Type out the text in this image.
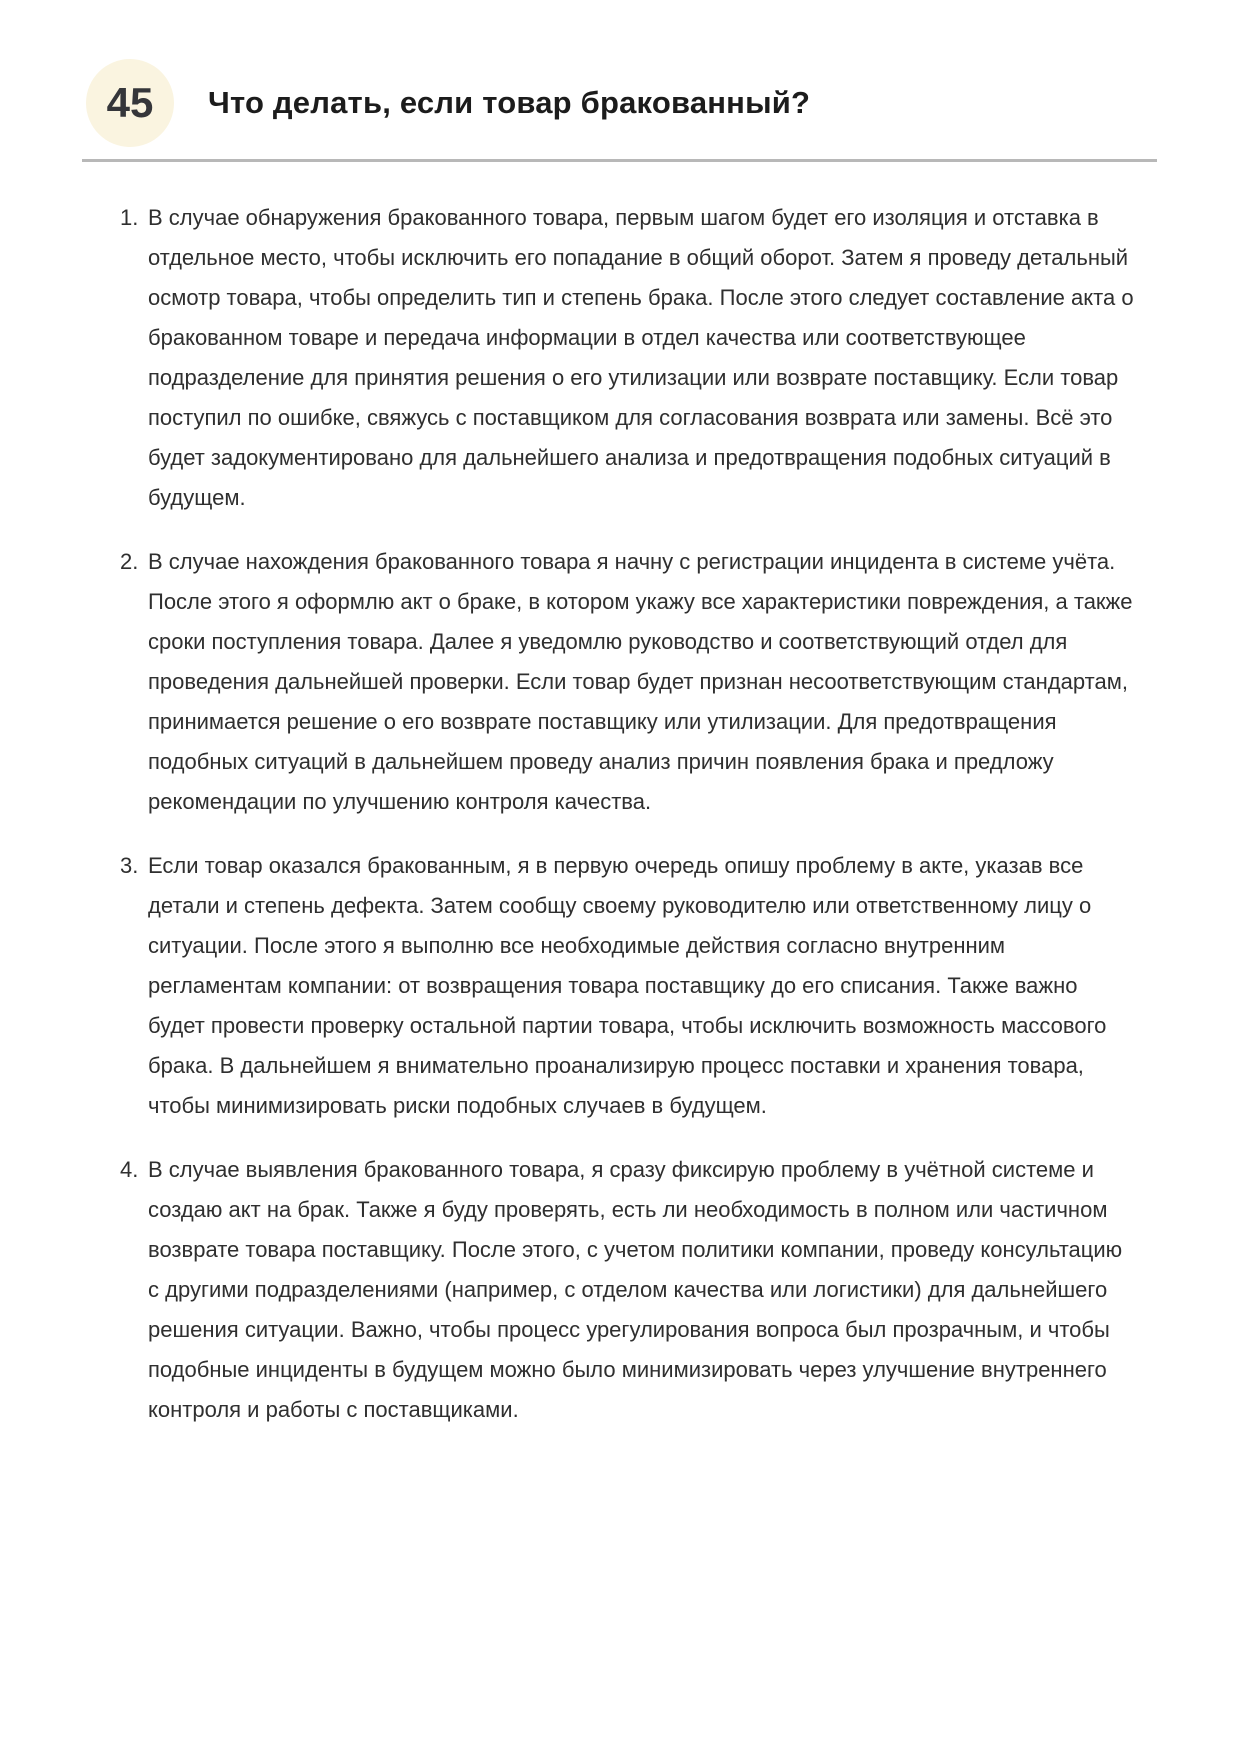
45	Что делать, если товар бракованный?
1. В случае обнаружения бракованного товара, первым шагом будет его изоляция и отставка в отдельное место, чтобы исключить его попадание в общий оборот. Затем я проведу детальный осмотр товара, чтобы определить тип и степень брака. После этого следует составление акта о бракованном товаре и передача информации в отдел качества или соответствующее подразделение для принятия решения о его утилизации или возврате поставщику. Если товар поступил по ошибке, свяжусь с поставщиком для согласования возврата или замены. Всё это будет задокументировано для дальнейшего анализа и предотвращения подобных ситуаций в будущем.
2. В случае нахождения бракованного товара я начну с регистрации инцидента в системе учёта. После этого я оформлю акт о браке, в котором укажу все характеристики повреждения, а также сроки поступления товара. Далее я уведомлю руководство и соответствующий отдел для проведения дальнейшей проверки. Если товар будет признан несоответствующим стандартам, принимается решение о его возврате поставщику или утилизации. Для предотвращения подобных ситуаций в дальнейшем проведу анализ причин появления брака и предложу рекомендации по улучшению контроля качества.
3. Если товар оказался бракованным, я в первую очередь опишу проблему в акте, указав все детали и степень дефекта. Затем сообщу своему руководителю или ответственному лицу о ситуации. После этого я выполню все необходимые действия согласно внутренним регламентам компании: от возвращения товара поставщику до его списания. Также важно будет провести проверку остальной партии товара, чтобы исключить возможность массового брака. В дальнейшем я внимательно проанализирую процесс поставки и хранения товара, чтобы минимизировать риски подобных случаев в будущем.
4. В случае выявления бракованного товара, я сразу фиксирую проблему в учётной системе и создаю акт на брак. Также я буду проверять, есть ли необходимость в полном или частичном возврате товара поставщику. После этого, с учетом политики компании, проведу консультацию с другими подразделениями (например, с отделом качества или логистики) для дальнейшего решения ситуации. Важно, чтобы процесс урегулирования вопроса был прозрачным, и чтобы подобные инциденты в будущем можно было минимизировать через улучшение внутреннего контроля и работы с поставщиками.
